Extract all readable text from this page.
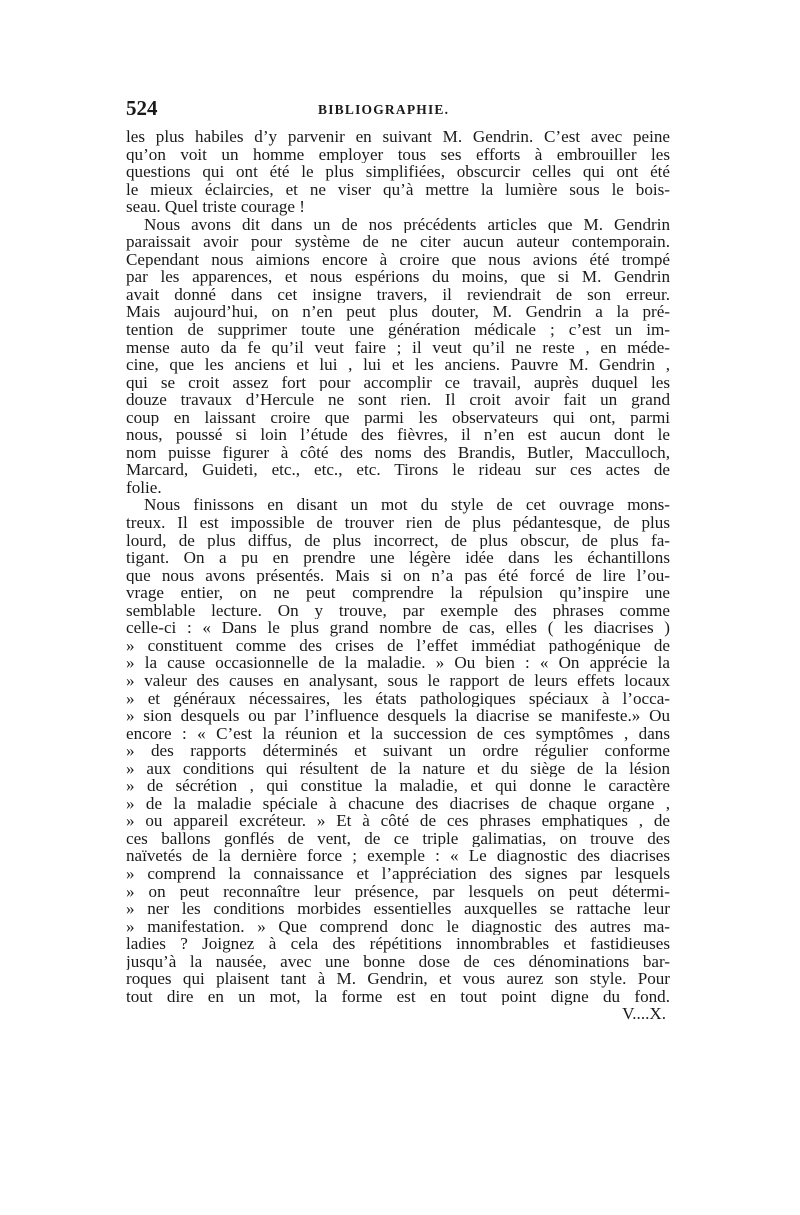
524	BIBLIOGRAPHIE.
les plus habiles d’y parvenir en suivant M. Gendrin. C’est avec peine
qu’on voit un homme employer tous ses efforts à embrouiller les
questions qui ont été le plus simplifiées, obscurcir celles qui ont été
le mieux éclaircies, et ne viser qu’à mettre la lumière sous le bois-
seau. Quel triste courage !
Nous avons dit dans un de nos précédents articles que M. Gendrin
paraissait avoir pour système de ne citer aucun auteur contemporain.
Cependant nous aimions encore à croire que nous avions été trompé
par les apparences, et nous espérions du moins, que si M. Gendrin
avait donné dans cet insigne travers, il reviendrait de son erreur.
Mais aujourd’hui, on n’en peut plus douter, M. Gendrin a la pré-
tention de supprimer toute une génération médicale ; c’est un im-
mense auto da fe qu’il veut faire ; il veut qu’il ne reste , en méde-
cine, que les anciens et lui , lui et les anciens. Pauvre M. Gendrin ,
qui se croit assez fort pour accomplir ce travail, auprès duquel les
douze travaux d’Hercule ne sont rien. Il croit avoir fait un grand
coup en laissant croire que parmi les observateurs qui ont, parmi
nous, poussé si loin l’étude des fièvres, il n’en est aucun dont le
nom puisse figurer à côté des noms des Brandis, Butler, Macculloch,
Marcard, Guideti, etc., etc., etc. Tirons le rideau sur ces actes de
folie.
Nous finissons en disant un mot du style de cet ouvrage mons-
treux. Il est impossible de trouver rien de plus pédantesque, de plus
lourd, de plus diffus, de plus incorrect, de plus obscur, de plus fa-
tigant. On a pu en prendre une légère idée dans les échantillons
que nous avons présentés. Mais si on n’a pas été forcé de lire l’ou-
vrage entier, on ne peut comprendre la répulsion qu’inspire une
semblable lecture. On y trouve, par exemple des phrases comme
celle-ci : « Dans le plus grand nombre de cas, elles ( les diacrises )
» constituent comme des crises de l’effet immédiat pathogénique de
» la cause occasionnelle de la maladie. » Ou bien : « On apprécie la
» valeur des causes en analysant, sous le rapport de leurs effets locaux
» et généraux nécessaires, les états pathologiques spéciaux à l’occa-
» sion desquels ou par l’influence desquels la diacrise se manifeste.» Ou
encore : « C’est la réunion et la succession de ces symptômes , dans
» des rapports déterminés et suivant un ordre régulier conforme
» aux conditions qui résultent de la nature et du siège de la lésion
» de sécrétion , qui constitue la maladie, et qui donne le caractère
» de la maladie spéciale à chacune des diacrises de chaque organe ,
» ou appareil excréteur. » Et à côté de ces phrases emphatiques , de
ces ballons gonflés de vent, de ce triple galimatias, on trouve des
naïvetés de la dernière force ; exemple : « Le diagnostic des diacrises
» comprend la connaissance et l’appréciation des signes par lesquels
» on peut reconnaître leur présence, par lesquels on peut détermi-
» ner les conditions morbides essentielles auxquelles se rattache leur
» manifestation. » Que comprend donc le diagnostic des autres ma-
ladies ? Joignez à cela des répétitions innombrables et fastidieuses
jusqu’à la nausée, avec une bonne dose de ces dénominations bar-
roques qui plaisent tant à M. Gendrin, et vous aurez son style. Pour
tout dire en un mot, la forme est en tout point digne du fond.
V....X.
